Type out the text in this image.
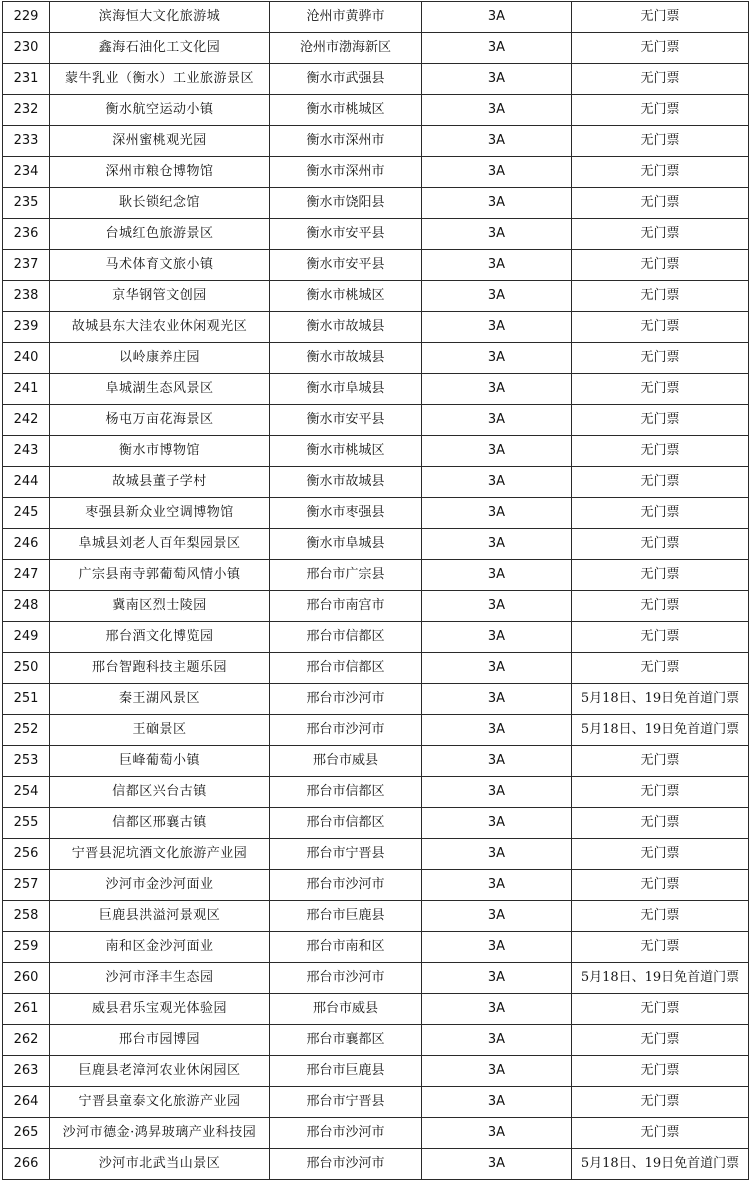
229	滨海恒大文化旅游城	沧州市黄骅市	3A	无门票
230	鑫海石油化工文化园	沧州市渤海新区	3A	无门票
231	蒙牛乳业（衡水）工业旅游景区	衡水市武强县	3A	无门票
232	衡水航空运动小镇	衡水市桃城区	3A	无门票
233	深州蜜桃观光园	衡水市深州市	3A	无门票
234	深州市粮仓博物馆	衡水市深州市	3A	无门票
235	耿长锁纪念馆	衡水市饶阳县	3A	无门票
236	台城红色旅游景区	衡水市安平县	3A	无门票
237	马术体育文旅小镇	衡水市安平县	3A	无门票
238	京华钢管文创园	衡水市桃城区	3A	无门票
239	故城县东大洼农业休闲观光区	衡水市故城县	3A	无门票
240	以岭康养庄园	衡水市故城县	3A	无门票
241	阜城湖生态风景区	衡水市阜城县	3A	无门票
242	杨屯万亩花海景区	衡水市安平县	3A	无门票
243	衡水市博物馆	衡水市桃城区	3A	无门票
244	故城县董子学村	衡水市故城县	3A	无门票
245	枣强县新众业空调博物馆	衡水市枣强县	3A	无门票
246	阜城县刘老人百年梨园景区	衡水市阜城县	3A	无门票
247	广宗县南寺郭葡萄风情小镇	邢台市广宗县	3A	无门票
248	冀南区烈士陵园	邢台市南宫市	3A	无门票
249	邢台酒文化博览园	邢台市信都区	3A	无门票
250	邢台智跑科技主题乐园	邢台市信都区	3A	无门票
251	秦王湖风景区	邢台市沙河市	3A	5月18日、19日免首道门票
252	王硇景区	邢台市沙河市	3A	5月18日、19日免首道门票
253	巨峰葡萄小镇	邢台市威县	3A	无门票
254	信都区兴台古镇	邢台市信都区	3A	无门票
255	信都区邢襄古镇	邢台市信都区	3A	无门票
256	宁晋县泥坑酒文化旅游产业园	邢台市宁晋县	3A	无门票
257	沙河市金沙河面业	邢台市沙河市	3A	无门票
258	巨鹿县洪溢河景观区	邢台市巨鹿县	3A	无门票
259	南和区金沙河面业	邢台市南和区	3A	无门票
260	沙河市泽丰生态园	邢台市沙河市	3A	5月18日、19日免首道门票
261	威县君乐宝观光体验园	邢台市威县	3A	无门票
262	邢台市园博园	邢台市襄都区	3A	无门票
263	巨鹿县老漳河农业休闲园区	邢台市巨鹿县	3A	无门票
264	宁晋县童泰文化旅游产业园	邢台市宁晋县	3A	无门票
265	沙河市德金·鸿昇玻璃产业科技园	邢台市沙河市	3A	无门票
266	沙河市北武当山景区	邢台市沙河市	3A	5月18日、19日免首道门票
